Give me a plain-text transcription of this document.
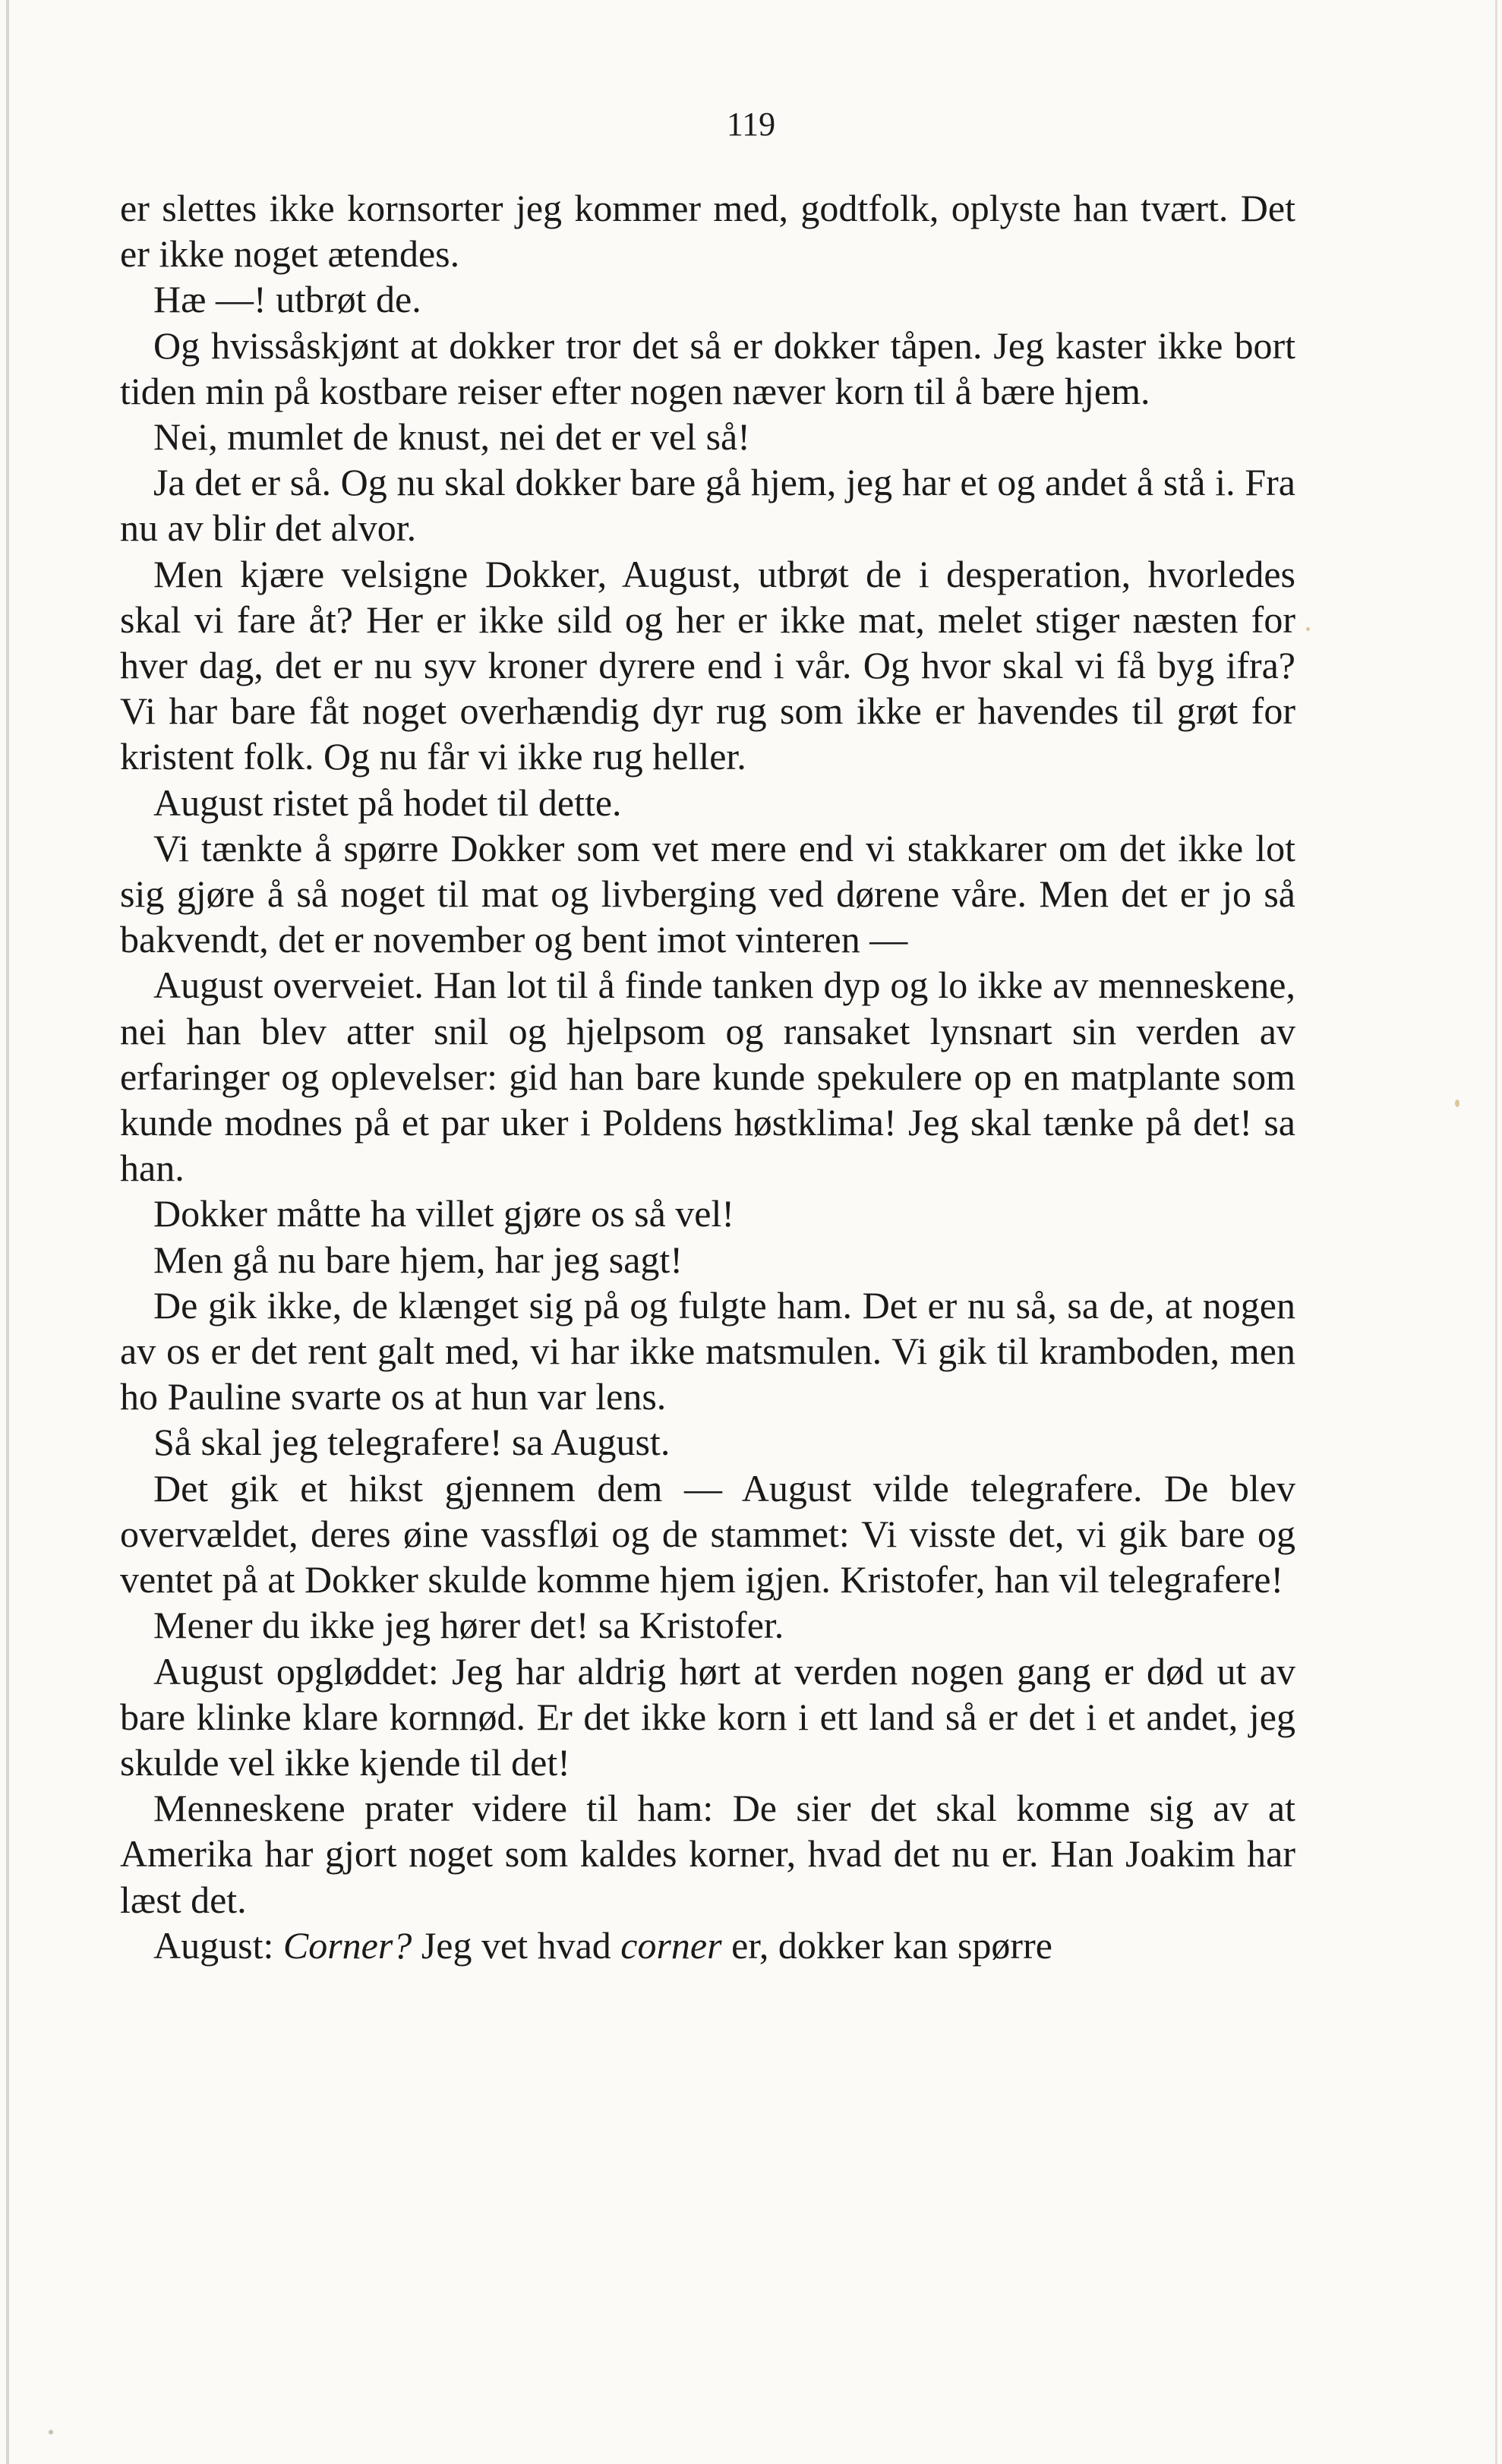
119

er slettes ikke kornsorter jeg kommer med, godtfolk, oplyste han tvært. Det er ikke noget ætendes.

Hæ —! utbrøt de.

Og hvissåskjønt at dokker tror det så er dokker tåpen. Jeg kaster ikke bort tiden min på kostbare reiser efter nogen næver korn til å bære hjem.

Nei, mumlet de knust, nei det er vel så!

Ja det er så. Og nu skal dokker bare gå hjem, jeg har et og andet å stå i. Fra nu av blir det alvor.

Men kjære velsigne Dokker, August, utbrøt de i desperation, hvorledes skal vi fare åt? Her er ikke sild og her er ikke mat, melet stiger næsten for hver dag, det er nu syv kroner dyrere end i vår. Og hvor skal vi få byg ifra? Vi har bare fåt noget overhændig dyr rug som ikke er havendes til grøt for kristent folk. Og nu får vi ikke rug heller.

August ristet på hodet til dette.

Vi tænkte å spørre Dokker som vet mere end vi stakkarer om det ikke lot sig gjøre å så noget til mat og livberging ved dørene våre. Men det er jo så bakvendt, det er november og bent imot vinteren —

August overveiet. Han lot til å finde tanken dyp og lo ikke av menneskene, nei han blev atter snil og hjelpsom og ransaket lynsnart sin verden av erfaringer og oplevelser: gid han bare kunde spekulere op en matplante som kunde modnes på et par uker i Poldens høstklima! Jeg skal tænke på det! sa han.

Dokker måtte ha villet gjøre os så vel!

Men gå nu bare hjem, har jeg sagt!

De gik ikke, de klænget sig på og fulgte ham. Det er nu så, sa de, at nogen av os er det rent galt med, vi har ikke matsmulen. Vi gik til kramboden, men ho Pauline svarte os at hun var lens.

Så skal jeg telegrafere! sa August.

Det gik et hikst gjennem dem — August vilde telegrafere. De blev overvældet, deres øine vassfløi og de stammet: Vi visste det, vi gik bare og ventet på at Dokker skulde komme hjem igjen. Kristofer, han vil telegrafere!

Mener du ikke jeg hører det! sa Kristofer.

August opgløddet: Jeg har aldrig hørt at verden nogen gang er død ut av bare klinke klare kornnød. Er det ikke korn i ett land så er det i et andet, jeg skulde vel ikke kjende til det!

Menneskene prater videre til ham: De sier det skal komme sig av at Amerika har gjort noget som kaldes korner, hvad det nu er. Han Joakim har læst det.

August: Corner? Jeg vet hvad corner er, dokker kan spørre
